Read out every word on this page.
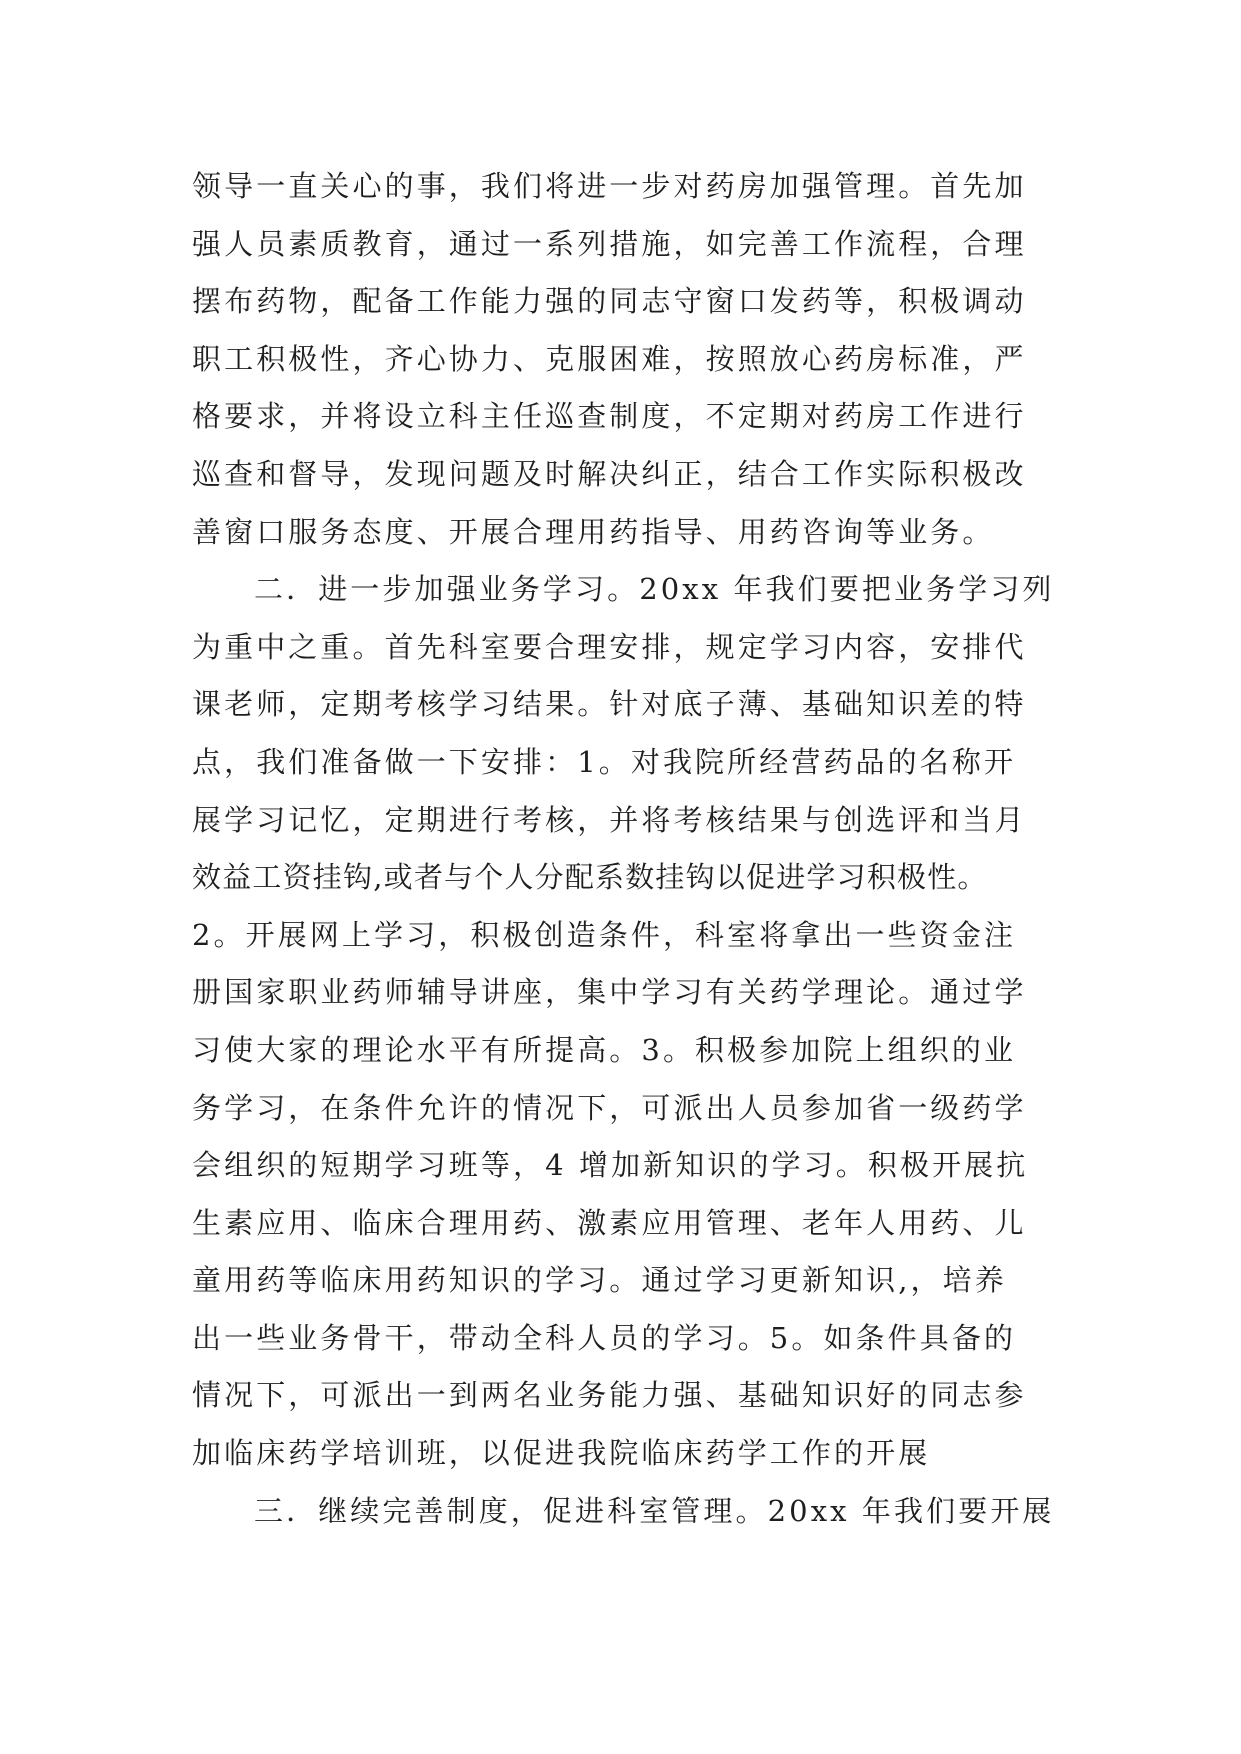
领导一直关心的事，我们将进一步对药房加强管理。首先加
强人员素质教育，通过一系列措施，如完善工作流程，合理
摆布药物，配备工作能力强的同志守窗口发药等，积极调动
职工积极性，齐心协力、克服困难，按照放心药房标准，严
格要求，并将设立科主任巡查制度，不定期对药房工作进行
巡查和督导，发现问题及时解决纠正，结合工作实际积极改
善窗口服务态度、开展合理用药指导、用药咨询等业务。
二．进一步加强业务学习。20xx 年我们要把业务学习列
为重中之重。首先科室要合理安排，规定学习内容，安排代
课老师，定期考核学习结果。针对底子薄、基础知识差的特
点，我们准备做一下安排：1。对我院所经营药品的名称开
展学习记忆，定期进行考核，并将考核结果与创选评和当月
效益工资挂钩,或者与个人分配系数挂钩以促进学习积极性。
2。开展网上学习，积极创造条件，科室将拿出一些资金注
册国家职业药师辅导讲座，集中学习有关药学理论。通过学
习使大家的理论水平有所提高。3。积极参加院上组织的业
务学习，在条件允许的情况下，可派出人员参加省一级药学
会组织的短期学习班等，4 增加新知识的学习。积极开展抗
生素应用、临床合理用药、激素应用管理、老年人用药、儿
童用药等临床用药知识的学习。通过学习更新知识,，培养
出一些业务骨干，带动全科人员的学习。5。如条件具备的
情况下，可派出一到两名业务能力强、基础知识好的同志参
加临床药学培训班，以促进我院临床药学工作的开展
三．继续完善制度，促进科室管理。20xx 年我们要开展
